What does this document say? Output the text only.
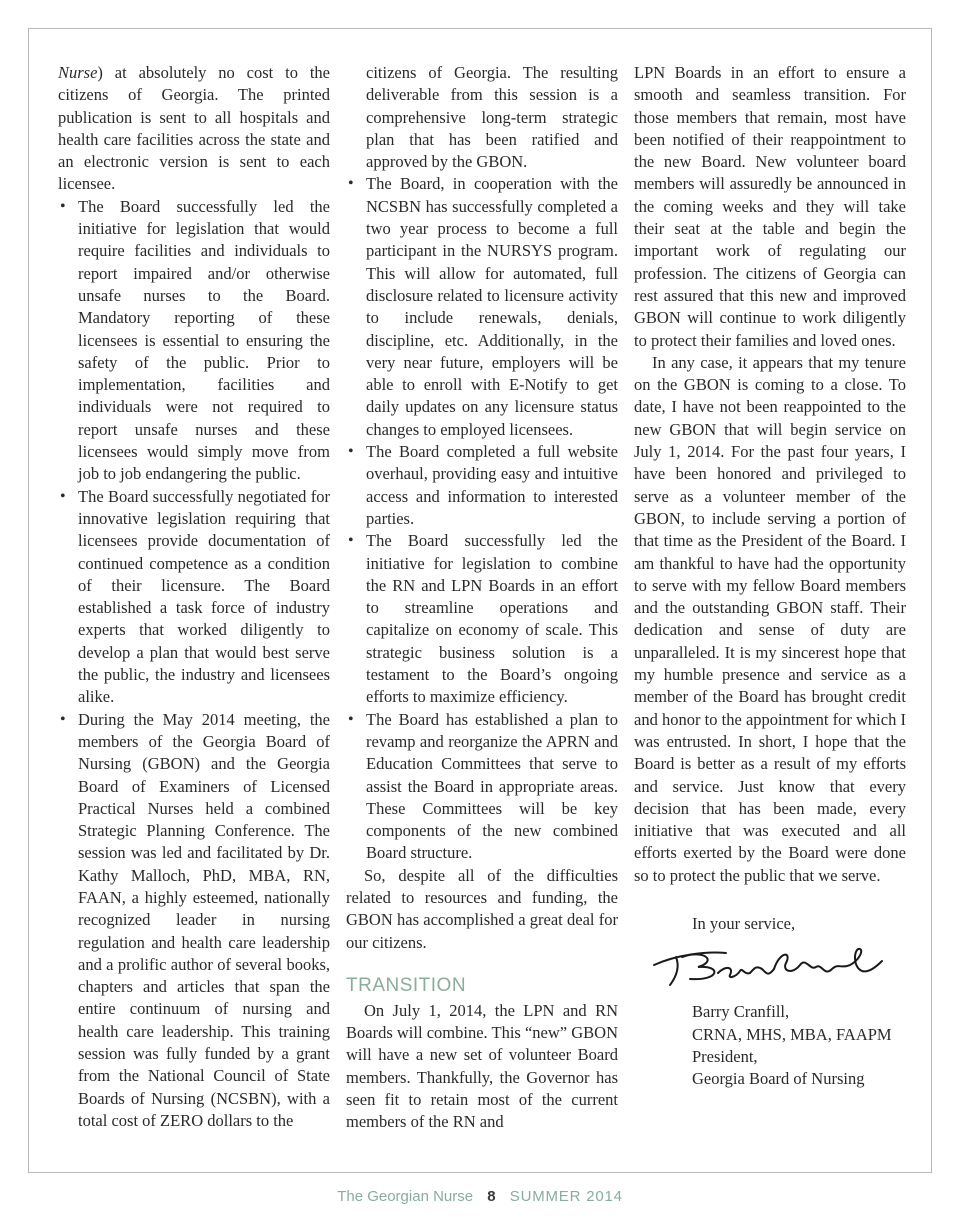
Nurse) at absolutely no cost to the citizens of Georgia. The printed publication is sent to all hospitals and health care facilities across the state and an electronic version is sent to each licensee.

• The Board successfully led the initiative for legislation that would require facilities and individuals to report impaired and/or otherwise unsafe nurses to the Board. Mandatory reporting of these licensees is essential to ensuring the safety of the public. Prior to implementation, facilities and individuals were not required to report unsafe nurses and these licensees would simply move from job to job endangering the public.
• The Board successfully negotiated for innovative legislation requiring that licensees provide documentation of continued competence as a condition of their licensure. The Board established a task force of industry experts that worked diligently to develop a plan that would best serve the public, the industry and licensees alike.
• During the May 2014 meeting, the members of the Georgia Board of Nursing (GBON) and the Georgia Board of Examiners of Licensed Practical Nurses held a combined Strategic Planning Conference. The session was led and facilitated by Dr. Kathy Malloch, PhD, MBA, RN, FAAN, a highly esteemed, nationally recognized leader in nursing regulation and health care leadership and a prolific author of several books, chapters and articles that span the entire continuum of nursing and health care leadership. This training session was fully funded by a grant from the National Council of State Boards of Nursing (NCSBN), with a total cost of ZERO dollars to the

citizens of Georgia. The resulting deliverable from this session is a comprehensive long-term strategic plan that has been ratified and approved by the GBON.

• The Board, in cooperation with the NCSBN has successfully completed a two year process to become a full participant in the NURSYS program. This will allow for automated, full disclosure related to licensure activity to include renewals, denials, discipline, etc. Additionally, in the very near future, employers will be able to enroll with E-Notify to get daily updates on any licensure status changes to employed licensees.
• The Board completed a full website overhaul, providing easy and intuitive access and information to interested parties.
• The Board successfully led the initiative for legislation to combine the RN and LPN Boards in an effort to streamline operations and capitalize on economy of scale. This strategic business solution is a testament to the Board’s ongoing efforts to maximize efficiency.
• The Board has established a plan to revamp and reorganize the APRN and Education Committees that serve to assist the Board in appropriate areas. These Committees will be key components of the new combined Board structure.

So, despite all of the difficulties related to resources and funding, the GBON has accomplished a great deal for our citizens.

TRANSITION

On July 1, 2014, the LPN and RN Boards will combine. This “new” GBON will have a new set of volunteer Board members. Thankfully, the Governor has seen fit to retain most of the current members of the RN and

LPN Boards in an effort to ensure a smooth and seamless transition. For those members that remain, most have been notified of their reappointment to the new Board. New volunteer board members will assuredly be announced in the coming weeks and they will take their seat at the table and begin the important work of regulating our profession. The citizens of Georgia can rest assured that this new and improved GBON will continue to work diligently to protect their families and loved ones.

In any case, it appears that my tenure on the GBON is coming to a close. To date, I have not been reappointed to the new GBON that will begin service on July 1, 2014. For the past four years, I have been honored and privileged to serve as a volunteer member of the GBON, to include serving a portion of that time as the President of the Board. I am thankful to have had the opportunity to serve with my fellow Board members and the outstanding GBON staff. Their dedication and sense of duty are unparalleled. It is my sincerest hope that my humble presence and service as a member of the Board has brought credit and honor to the appointment for which I was entrusted. In short, I hope that the Board is better as a result of my efforts and service. Just know that every decision that has been made, every initiative that was executed and all efforts exerted by the Board were done so to protect the public that we serve.

In your service,
Barry Cranfill,
CRNA, MHS, MBA, FAAPM
President,
Georgia Board of Nursing
The Georgian Nurse 8 SUMMER 2014
